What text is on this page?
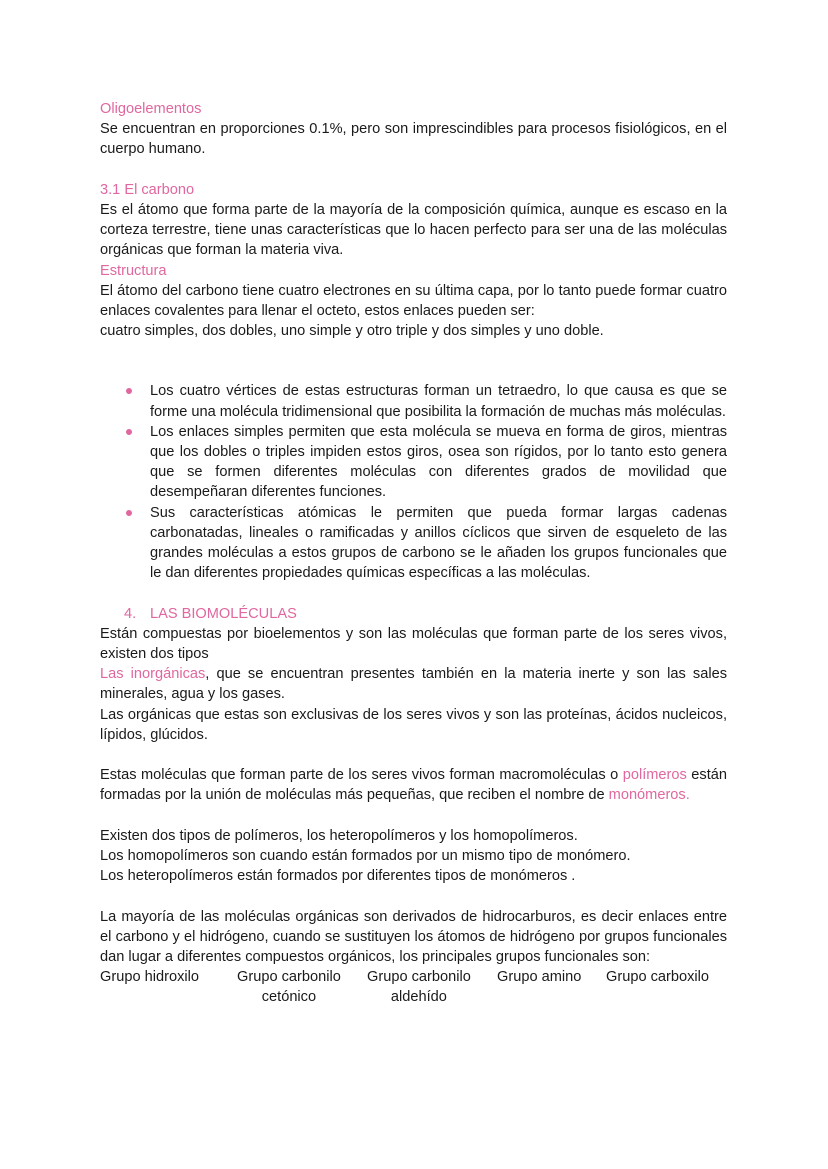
Oligoelementos

Se encuentran en proporciones 0.1%, pero son imprescindibles para procesos fisiológicos, en el cuerpo humano.

3.1 El carbono

Es el átomo que forma parte de la mayoría de la composición química, aunque es escaso en la corteza terrestre, tiene unas características que lo hacen perfecto para ser una de las moléculas orgánicas que forman la materia viva.

Estructura

El átomo del carbono tiene cuatro electrones en su última capa, por lo tanto puede formar cuatro enlaces covalentes para llenar el octeto, estos enlaces pueden ser:

cuatro simples, dos dobles, uno simple y otro triple y dos simples y uno doble.

Los cuatro vértices de estas estructuras forman un tetraedro, lo que causa es que se forme una molécula tridimensional que posibilita la formación de muchas más moléculas.
Los enlaces simples permiten que esta molécula se mueva en forma de giros, mientras que los dobles o triples impiden estos giros, osea son rígidos, por lo tanto esto genera que se formen diferentes moléculas con diferentes grados de movilidad que desempeñaran diferentes funciones.
Sus características atómicas le permiten que pueda formar largas cadenas carbonatadas, lineales o ramificadas y anillos cíclicos que sirven de esqueleto de las grandes moléculas a estos grupos de carbono se le añaden los grupos funcionales que le dan diferentes propiedades químicas específicas a las moléculas.

4. LAS BIOMOLÉCULAS

Están compuestas por bioelementos y son las moléculas que forman parte de los seres vivos, existen dos tipos

Las inorgánicas, que se encuentran presentes también en la materia inerte y son las sales minerales, agua y los gases.

Las orgánicas que estas son exclusivas de los seres vivos y son las proteínas, ácidos nucleicos, lípidos, glúcidos.

Estas moléculas que forman parte de los seres vivos forman macromoléculas o polímeros están formadas por la unión de moléculas más pequeñas, que reciben el nombre de monómeros.

Existen dos tipos de polímeros, los heteropolímeros y los homopolímeros.

Los homopolímeros son cuando están formados por un mismo tipo de monómero.

Los heteropolímeros están formados por diferentes tipos de monómeros .

La mayoría de las moléculas orgánicas son derivados de hidrocarburos, es decir enlaces entre el carbono y el hidrógeno, cuando se sustituyen los átomos de hidrógeno por grupos funcionales dan lugar a diferentes compuestos orgánicos, los principales grupos funcionales son:

Grupo hidroxilo	Grupo carbonilo
cetónico
Grupo carbonilo
aldehído
Grupo amino Grupo carboxilo
